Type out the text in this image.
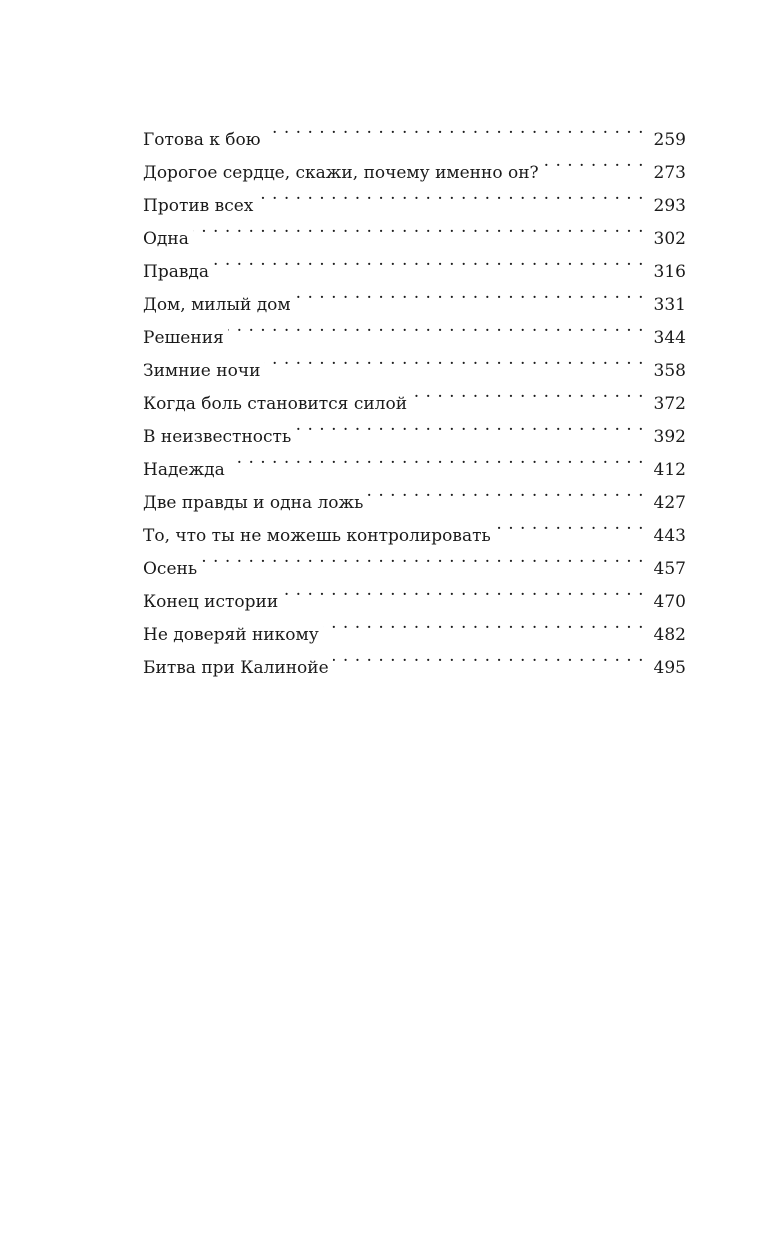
Готова к бою . . .	259
Дорогое сердце, скажи, почему именно он? . . .	273
Против всех . . .	293
Одна . . .	302
Правда . . .	316
Дом, милый дом . . .	331
Решения . . .	344
Зимние ночи . . .	358
Когда боль становится силой . . .	372
В неизвестность . . .	392
Надежда . . .	412
Две правды и одна ложь . . .	427
То, что ты не можешь контролировать . . .	443
Осень . . .	457
Конец истории . . .	470
Не доверяй никому . . .	482
Битва при Калинойе . . .	495
